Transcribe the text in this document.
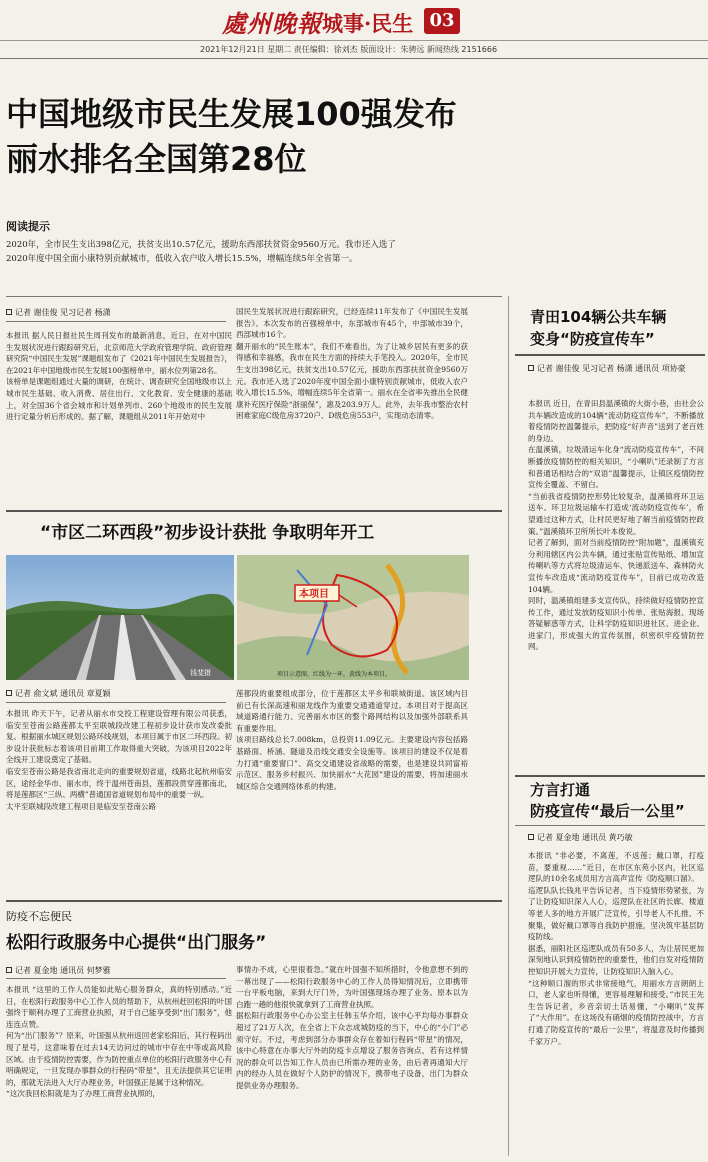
處州晚報 城事·民生 03
2021年12月21日 星期二 责任编辑：徐刘杰 版面设计：朱骋远 新闻热线 2151666
中国地级市民生发展100强发布
丽水排名全国第28位
阅读提示
2020年，全市民生支出398亿元，扶贫支出10.57亿元，援助东西部扶贫资金9560万元。我市还入选了2020年度中国全面小康特别贡献城市，低收入农户收入增长15.5%，增幅连续5年全省第一。
记者 谢佳俊 见习记者 杨潇
本报讯 据人民日报社民生周刊发布的最新消息，近日，在对中国民生发展状况进行跟踪研究后，北京师范大学政府管理学院、政府管理研究院“中国民生发展”课题组发布了《2021年中国民生发展报告》，在2021年中国地级市民生发展100强榜单中，丽水位列第28名。
该榜单是课题组通过大量的调研，在统计、调查研究全国地级市以上城市民生基础、收入消费、居住出行、文化教育、安全健康的基础上，对全国36个省会城市和计划单列市、260个地级市的民生发展进行定量分析后形成的。据了解，课题组从2011年开始对中
国民生发展状况进行跟踪研究，已经连续11年发布了《中国民生发展报告》。本次发布的百强榜单中，东部城市有45个，中部城市39个，西部城市16个。
翻开丽水的“民生账本”，我们不难看出，为了让城乡居民有更多的获得感和幸福感，我市在民生方面的持续大手笔投入。2020年，全市民生支出398亿元，扶贫支出10.57亿元，援助东西部扶贫资金9560万元。我市还入选了2020年度中国全面小康特别贡献城市，低收入农户收入增长15.5%，增幅连续5年全省第一。丽水在全省率先推出全民健康补充医疗保险“浙丽保”，惠及203.9万人。此外，去年我市整治农村困难家庭C级危房3720户、D级危房553户，实现动态清零。
青田104辆公共车辆
变身“防疫宣传车”
记者 谢佳俊 见习记者 杨潇 通讯员 项协豪
本报讯 近日，在青田县温溪镇的大街小巷，由社会公共车辆改造成的104辆“流动防疫宣传车”，不断播放着疫情防控温馨提示，把防疫“好声音”送到了老百姓的身边。
在温溪镇，垃圾清运车化身“流动防疫宣传车”，不间断播放疫情防控的相关知识，“小喇叭”还录制了方言和普通话相结合的“双语”温馨提示，让镇区疫情防控宣传全覆盖、不留白。
“当前我省疫情防控形势比较复杂，温溪镇将环卫运送车、环卫垃圾运输车打造成‘流动防疫宣传车’，希望通过这种方式，让村民更好地了解当前疫情防控政策。”温溪镇环卫所所长叶本俊说。
记者了解到，面对当前疫情防控“附加题”，温溪镇充分利用辖区内公共车辆，通过张贴宣传贴纸、增加宣传喇叭等方式将垃圾清运车、快递派送车、森林防火宣传车改造成“流动防疫宣传车”，目前已成功改造104辆。
同时，温溪镇组建多支宣传队，持续做好疫情防控宣传工作，通过发放防疫知识小传单、张贴海报、现场答疑解惑等方式，让科学防疫知识进社区、进企业、进家门，形成强大的宣传氛围，织密织牢疫情防控网。
方言打通
防疫宣传“最后一公里”
记者 夏金地 通讯员 黄巧敏
本报讯 “非必要，不离莲，不返莲；戴口罩，打疫苗，要重视……”近日，在市区东苑小区内，社区巡逻队的10余名成员用方言高声宣传《防疫顺口溜》。
巡逻队队长钱兆平告诉记者，当下疫情形势紧张，为了让防疫知识深入人心，巡逻队在社区的长廊、楼道等老人多的地方开展广泛宣传，引导老人不扎推、不聚集，做好戴口罩等自我防护措施，坚决筑牢基层防疫防线。
据悉，丽阳社区巡逻队成员有50多人，为让居民更加深刻地认识到疫情防控的重要性，他们自发对疫情防控知识开展大力宣传，让防疫知识入脑入心。
“这种顺口溜的形式非常接地气，用丽水方言朗朗上口，老人家也听得懂，更容易理解和接受。”市民王先生告诉记者，乡音亲切土话易懂，“小喇叭”发挥了“大作用”。在这场没有硝烟的疫情防控战中，方言打通了防疫宣传的“最后一公里”，将温意及时传播到千家万户。
“市区二环西段”初步设计获批 争取明年开工
钱斐摄
本项目
项目示意图，红线为一环，黄线为本项目。
记者 俞文斌 通讯员 章夏颖
本报讯 昨天下午，记者从丽水市交投工程建设管理有限公司获悉，临安至苍南公路莲都太平至联城段改建工程初步设计获市发改委批复。根据丽水城区规划公路环线规划，本项目属于市区二环西段。初步设计获批标志着该项目前期工作取得重大突破，为该项目2022年全线开工建设奠定了基础。
临安至苍南公路是我省南北走向的重要规划省道，线路北起杭州临安区，途经金华市、丽水市，终于温州苍南县，莲都段贯穿莲都南北，将是莲都区“三纵、两横”普通国省道规划布局中的重要一纵。
太平至联城段改建工程项目是临安至苍南公路
莲都段的重要组成部分，位于莲都区太平乡和联城街道。该区域内目前已有长深高速和丽龙线作为重要交通通道穿过。本项目对于提高区域道路通行能力、完善丽水市区的整个路网结构以及加强外部联系具有重要作用。
该项目路线总长7.008km，总投资11.09亿元。主要建设内容包括路基路面、桥涵、隧道及沿线交通安全设施等。该项目的建设不仅是着力打通“重要窗口”、高交交通建设省战略的需要，也是建设共同富裕示范区、服务乡村振兴、加快丽水“大花园”建设的需要，将加速丽水城区综合交通网络体系的构建。
防疫不忘便民
松阳行政服务中心提供“出门服务”
记者 夏金地 通讯员 何梦雅
本报讯 “这里的工作人员能如此贴心服务群众，真的特别感动。”近日，在松阳行政服务中心工作人员的帮助下，从杭州赶回松阳的叶国强终于顺利办理了工商营业执照，对于自己能享受到“出门服务”，他连连点赞。
何为“出门服务”？原来，叶国强从杭州返回老家松阳后，其行程码出现了星号，这意味着在过去14天访问过的城市中存在中等或高风险区域。由于疫情防控需要，作为防控重点单位的松阳行政服务中心有明确规定，一旦发现办事群众的行程码“带星”，且无法提供其它证明的，那就无法进入大厅办理业务，叶国强正是属于这种情况。
“这次我回松阳就是为了办理工商营业执照的，
事情办不成，心里很着急。”就在叶国强不知所措时，令他意想不到的一幕出现了——松阳行政服务中心的工作人员得知情况后，立即携带一台平板电脑，来到大厅门外，为叶国强现场办理了业务。原本以为白跑一趟的他很快就拿到了工商营业执照。
据松阳行政服务中心办公室主任韩玉华介绍，该中心平均每办事群众超过了21万人次，在全省上下众志成城防疫的当下，中心的“小门”必须守好。不过，考虑到部分办事群众存在着如行程码“带星”的情况，该中心特意在办事大厅外的防疫卡点增设了服务咨询点，若有这样情况的群众可以告知工作人员由已所需办理的业务，由后者再通知大厅内的经办人员在做好个人防护的情况下，携带电子设备，出门为群众提供业务办理服务。
